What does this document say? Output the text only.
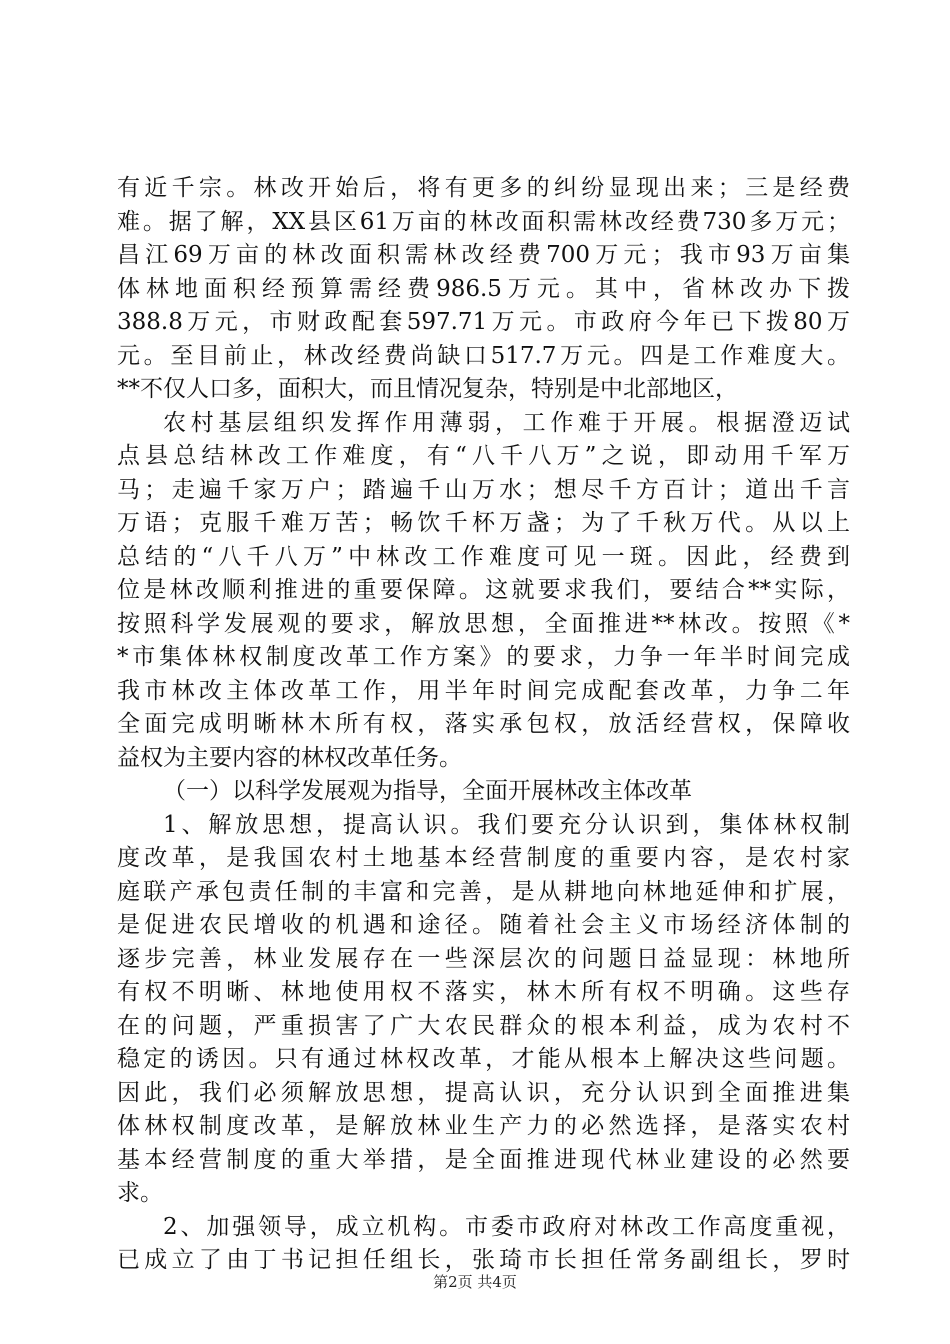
有近千宗。林改开始后，将有更多的纠纷显现出来；三是经费
难。据了解，XX县区61万亩的林改面积需林改经费730多万元；
昌江69万亩的林改面积需林改经费700万元；我市93万亩集
体林地面积经预算需经费986.5万元。其中，省林改办下拨
388.8万元，市财政配套597.71万元。市政府今年已下拨80万
元。至目前止，林改经费尚缺口517.7万元。四是工作难度大。
**不仅人口多，面积大，而且情况复杂，特别是中北部地区，
农村基层组织发挥作用薄弱，工作难于开展。根据澄迈试
点县总结林改工作难度，有“八千八万”之说，即动用千军万
马；走遍千家万户；踏遍千山万水；想尽千方百计；道出千言
万语；克服千难万苦；畅饮千杯万盏；为了千秋万代。从以上
总结的“八千八万”中林改工作难度可见一斑。因此，经费到
位是林改顺利推进的重要保障。这就要求我们，要结合**实际，
按照科学发展观的要求，解放思想，全面推进**林改。按照《*
*市集体林权制度改革工作方案》的要求，力争一年半时间完成
我市林改主体改革工作，用半年时间完成配套改革，力争二年
全面完成明晰林木所有权，落实承包权，放活经营权，保障收
益权为主要内容的林权改革任务。
（一）以科学发展观为指导，全面开展林改主体改革
1、解放思想，提高认识。我们要充分认识到，集体林权制
度改革，是我国农村土地基本经营制度的重要内容，是农村家
庭联产承包责任制的丰富和完善，是从耕地向林地延伸和扩展，
是促进农民增收的机遇和途径。随着社会主义市场经济体制的
逐步完善，林业发展存在一些深层次的问题日益显现：林地所
有权不明晰、林地使用权不落实，林木所有权不明确。这些存
在的问题，严重损害了广大农民群众的根本利益，成为农村不
稳定的诱因。只有通过林权改革，才能从根本上解决这些问题。
因此，我们必须解放思想，提高认识，充分认识到全面推进集
体林权制度改革，是解放林业生产力的必然选择，是落实农村
基本经营制度的重大举措，是全面推进现代林业建设的必然要
求。
2、加强领导，成立机构。市委市政府对林改工作高度重视，
已成立了由丁书记担任组长，张琦市长担任常务副组长，罗时
第2页 共4页
